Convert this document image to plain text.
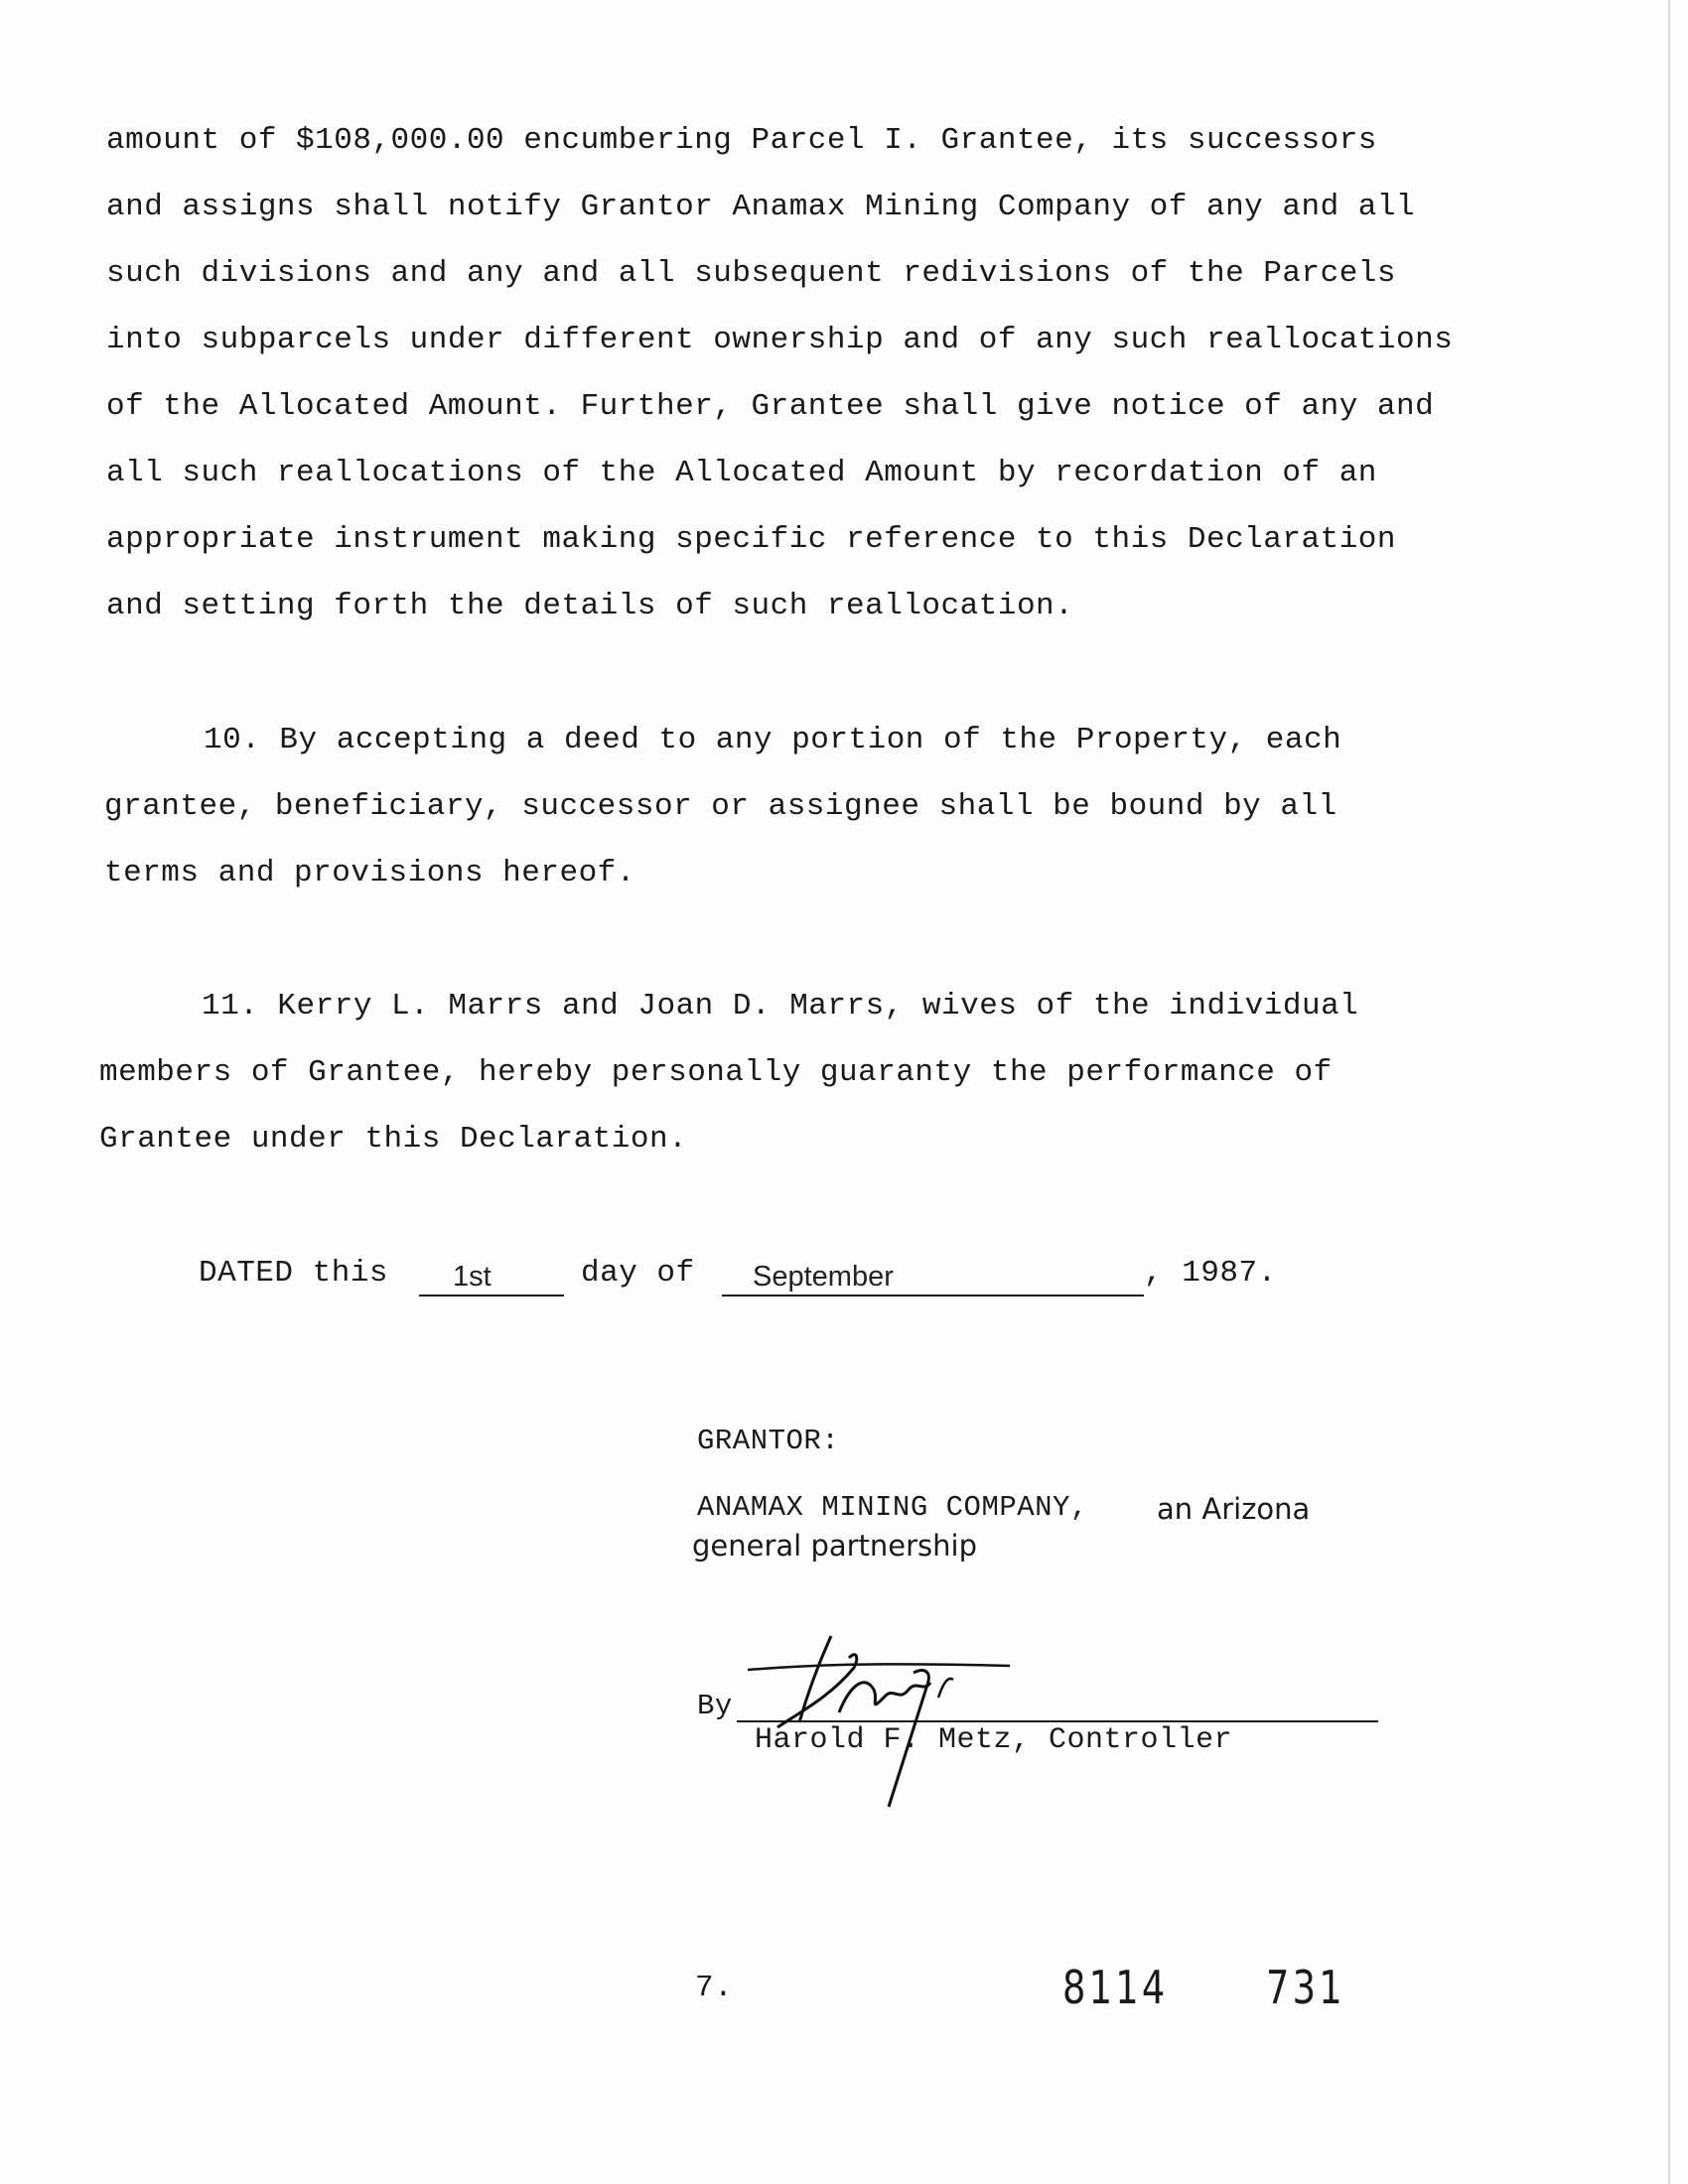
amount of $108,000.00 encumbering Parcel I. Grantee, its successors
and assigns shall notify Grantor Anamax Mining Company of any and all
such divisions and any and all subsequent redivisions of the Parcels
into subparcels under different ownership and of any such reallocations
of the Allocated Amount. Further, Grantee shall give notice of any and
all such reallocations of the Allocated Amount by recordation of an
appropriate instrument making specific reference to this Declaration
and setting forth the details of such reallocation.
10. By accepting a deed to any portion of the Property, each
grantee, beneficiary, successor or assignee shall be bound by all
terms and provisions hereof.
11. Kerry L. Marrs and Joan D. Marrs, wives of the individual
members of Grantee, hereby personally guaranty the performance of
Grantee under this Declaration.
DATED this 1st	day of September	, 1987.
GRANTOR:
ANAMAX MINING COMPANY, an Arizona
general partnership
By
Harold F. Metz, Controller
7.	8114 731
